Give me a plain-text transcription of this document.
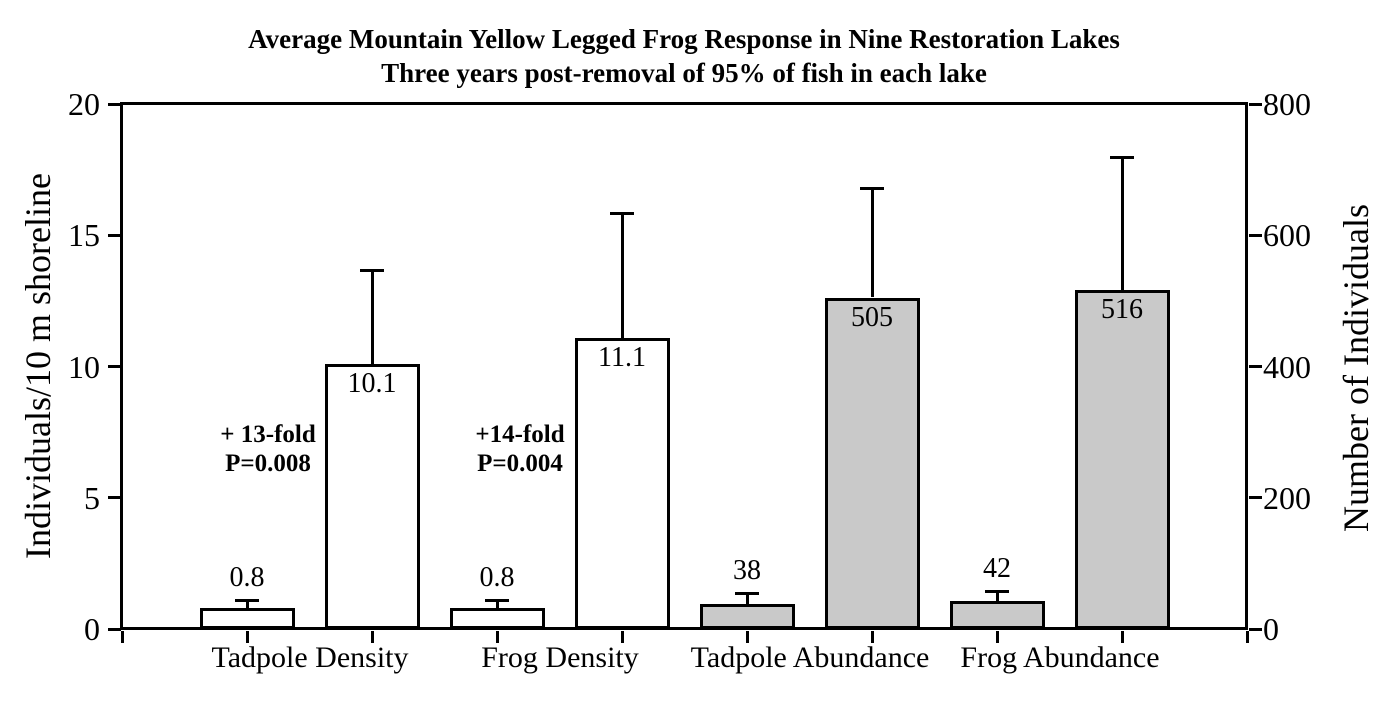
Average Mountain Yellow Legged Frog Response in Nine Restoration Lakes
Three years post-removal of 95% of fish in each lake
0.8
10.1
0.8
11.1
38
505
42
516
0
5
10
15
20
0
200
400
600
800
Tadpole Density	Frog Density	Tadpole Abundance	Frog Abundance
Individuals/10 m shoreline	Number of Individuals
+ 13-fold
P=0.008
+14-fold
P=0.004
